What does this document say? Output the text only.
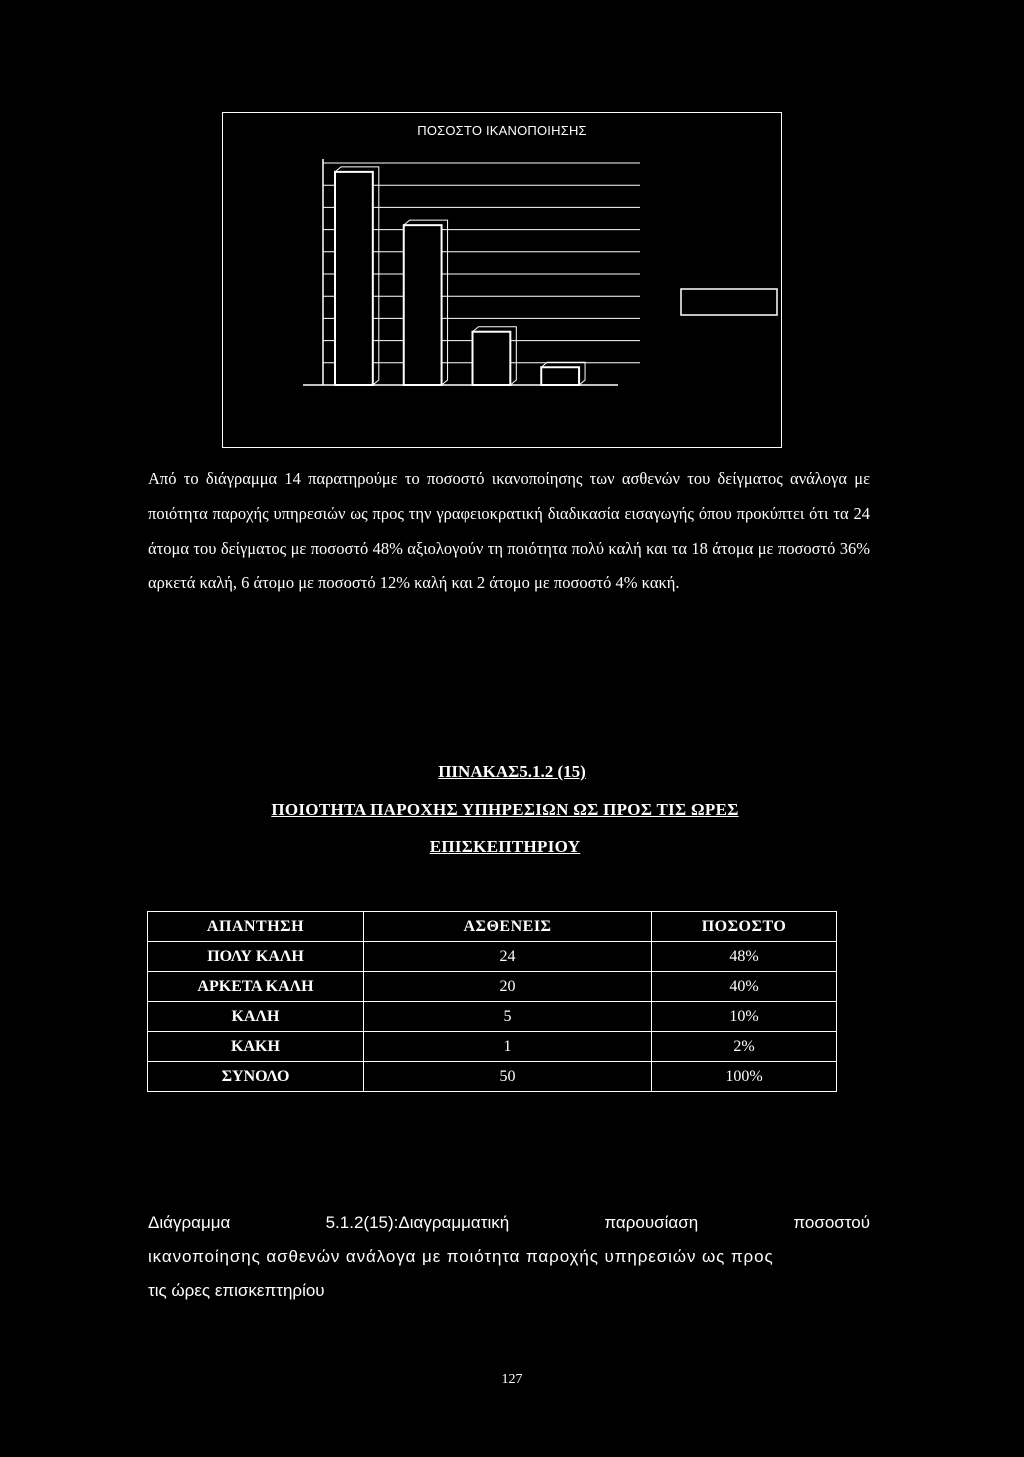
ΠΟΣΟΣΤΟ ΙΚΑΝΟΠΟΙΗΣΗΣ

Από το διάγραμμα 14 παρατηρούμε το ποσοστό ικανοποίησης των ασθενών του δείγματος ανάλογα με ποιότητα παροχής υπηρεσιών ως προς την γραφειοκρατική διαδικασία εισαγωγής όπου προκύπτει ότι τα 24 άτομα του δείγματος με ποσοστό 48% αξιολογούν τη ποιότητα πολύ καλή και τα 18 άτομα με ποσοστό 36% αρκετά καλή, 6 άτομο με ποσοστό 12% καλή και 2 άτομο με ποσοστό 4% κακή.

ΠΙΝΑΚΑΣ5.1.2 (15)
ΠΟΙΟΤΗΤΑ ΠΑΡΟΧΗΣ ΥΠΗΡΕΣΙΩΝ ΩΣ ΠΡΟΣ ΤΙΣ ΩΡΕΣ
ΕΠΙΣΚΕΠΤΗΡΙΟΥ
ΑΠΑΝΤΗΣΗ	ΑΣΘΕΝΕΙΣ	ΠΟΣΟΣΤΟ
ΠΟΛΥ ΚΑΛΗ	24	48%
ΑΡΚΕΤΑ ΚΑΛΗ	20	40%
ΚΑΛΗ	5	10%
ΚΑΚΗ	1	2%
ΣΥΝΟΛΟ	50	100%
Διάγραμμα	5.1.2(15):Διαγραμματική	παρουσίαση	ποσοστού
ικανοποίησης ασθενών ανάλογα με ποιότητα παροχής υπηρεσιών ως προς
τις ώρες επισκεπτηρίου
127
